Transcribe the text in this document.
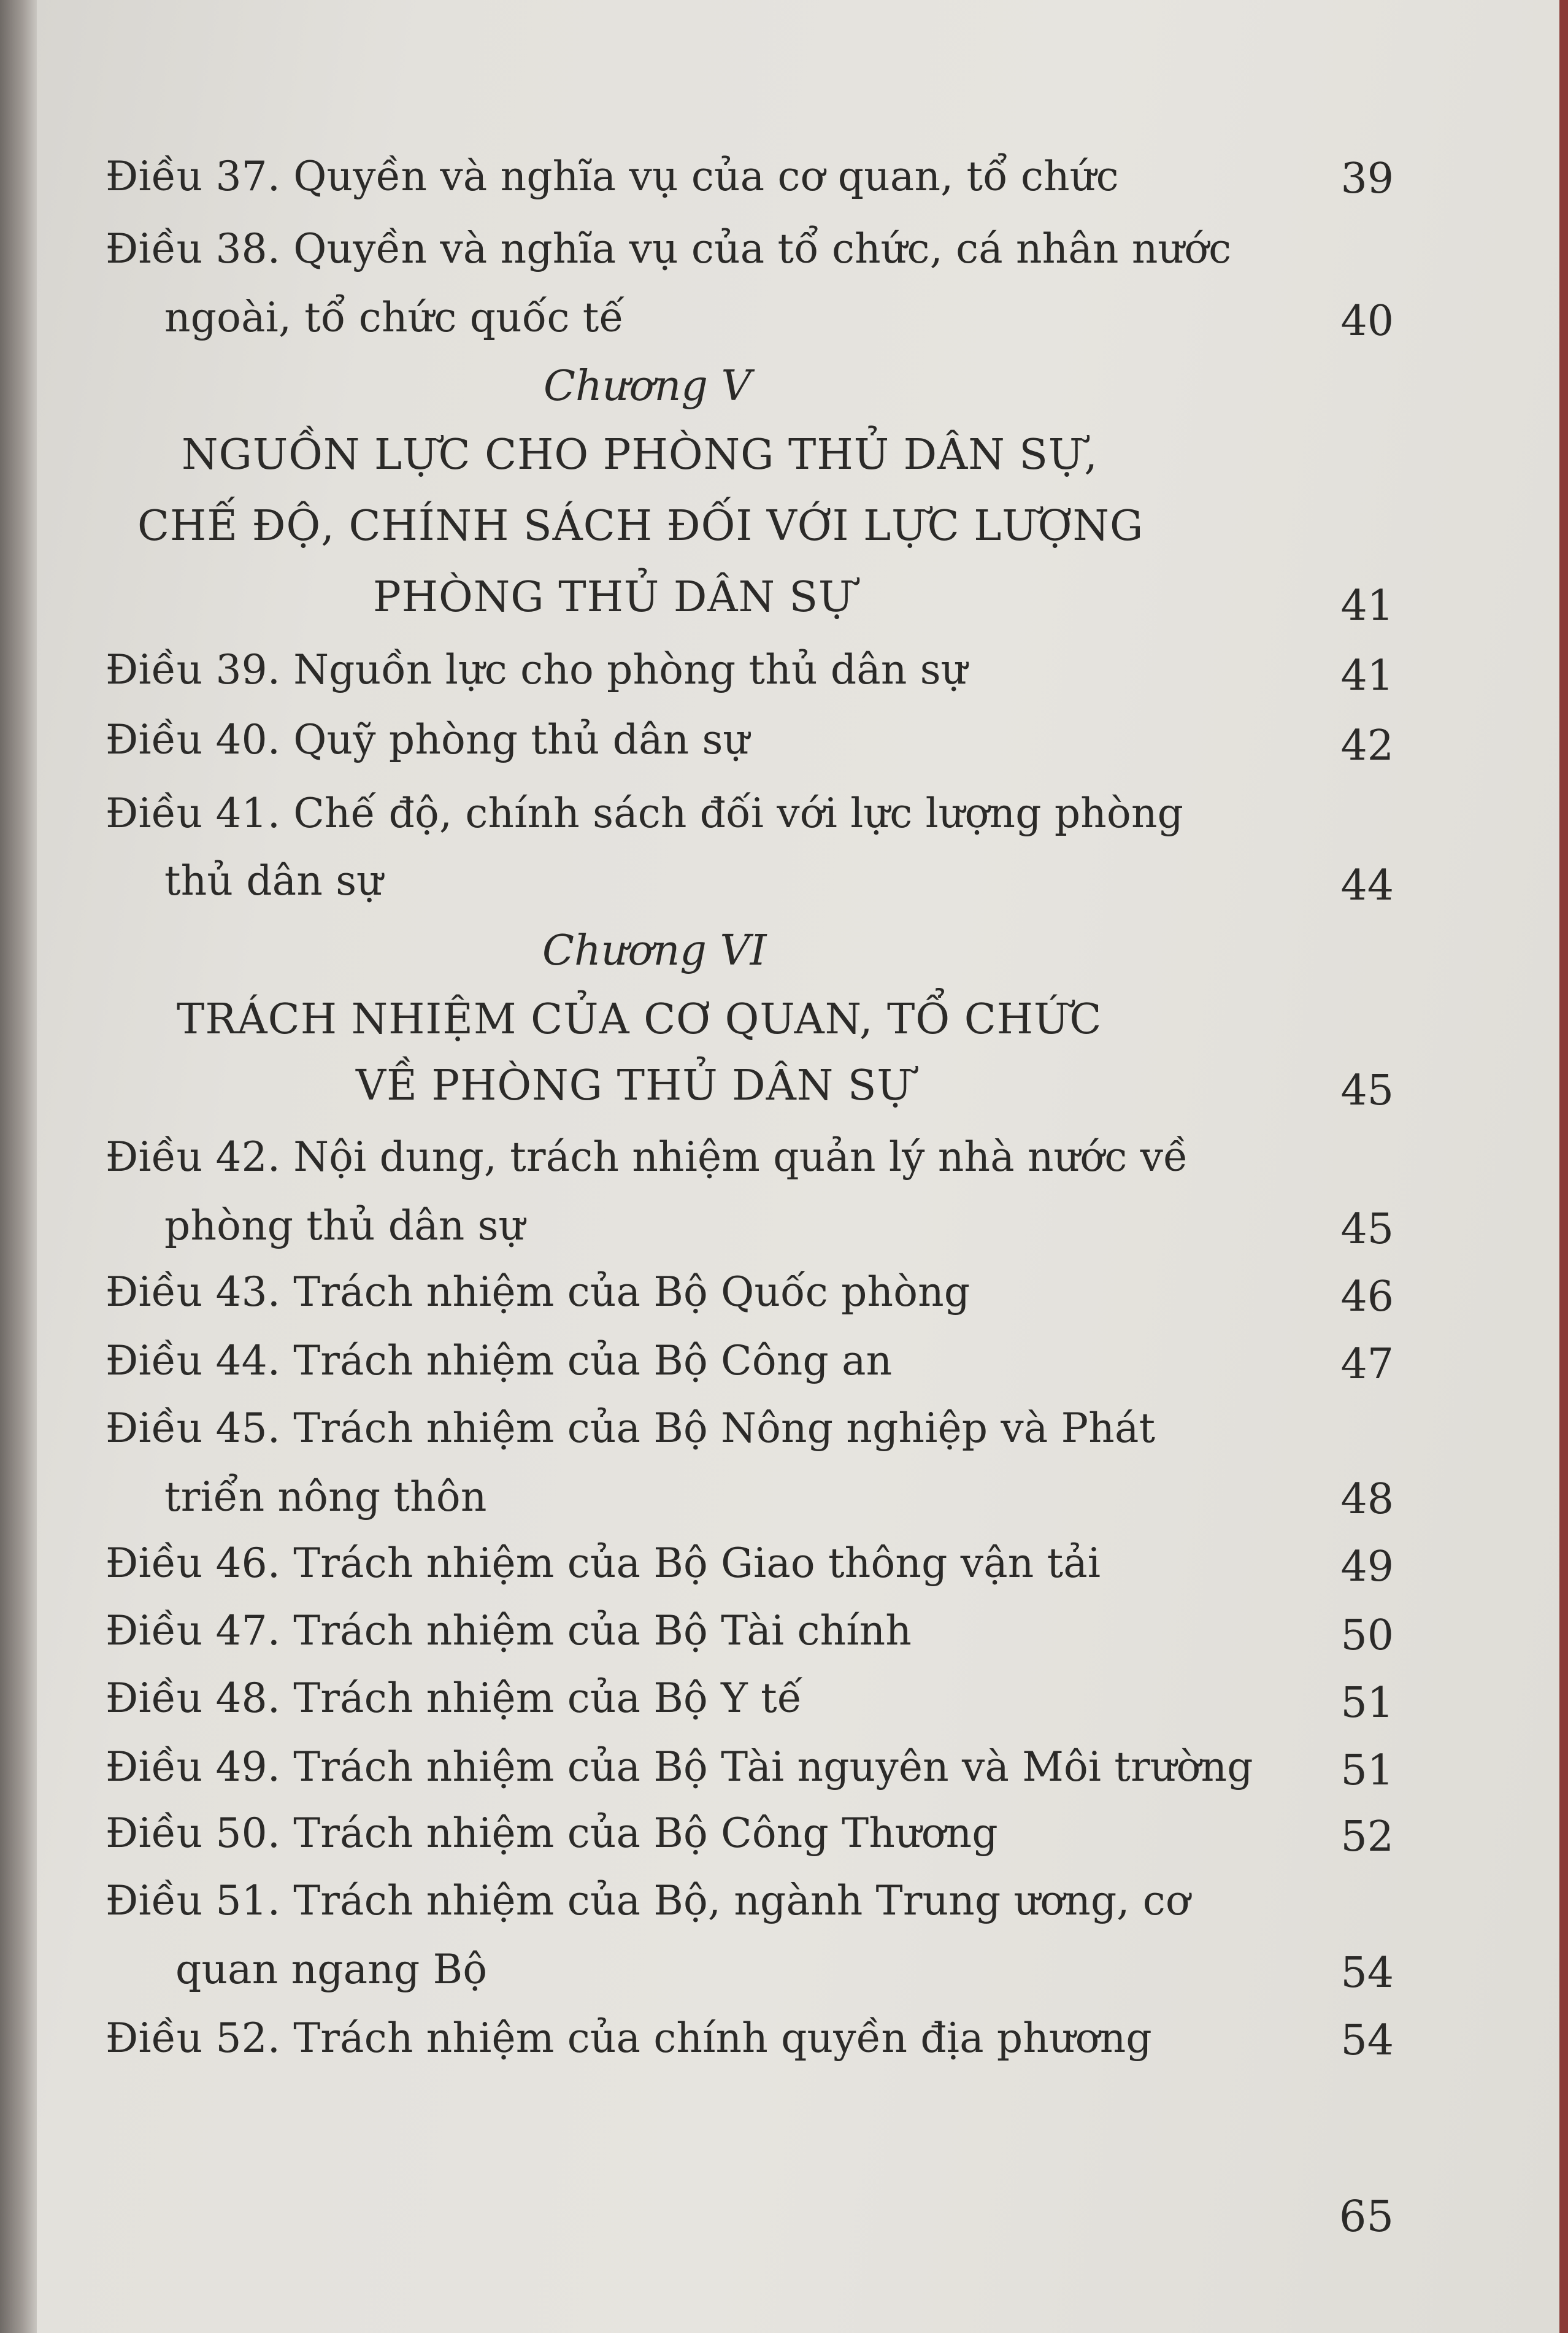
Điều 37. Quyền và nghĩa vụ của cơ quan, tổ chức	39
Điều 38. Quyền và nghĩa vụ của tổ chức, cá nhân nước
ngoài, tổ chức quốc tế	40
Chương V
NGUỒN LỰC CHO PHÒNG THỦ DÂN SỰ,
CHẾ ĐỘ, CHÍNH SÁCH ĐỐI VỚI LỰC LƯỢNG
PHÒNG THỦ DÂN SỰ	41
Điều 39. Nguồn lực cho phòng thủ dân sự	41
Điều 40. Quỹ phòng thủ dân sự	42
Điều 41. Chế độ, chính sách đối với lực lượng phòng
thủ dân sự	44
Chương VI
TRÁCH NHIỆM CỦA CƠ QUAN, TỔ CHỨC
VỀ PHÒNG THỦ DÂN SỰ	45
Điều 42. Nội dung, trách nhiệm quản lý nhà nước về
phòng thủ dân sự	45
Điều 43. Trách nhiệm của Bộ Quốc phòng	46
Điều 44. Trách nhiệm của Bộ Công an	47
Điều 45. Trách nhiệm của Bộ Nông nghiệp và Phát
triển nông thôn	48
Điều 46. Trách nhiệm của Bộ Giao thông vận tải	49
Điều 47. Trách nhiệm của Bộ Tài chính	50
Điều 48. Trách nhiệm của Bộ Y tế	51
Điều 49. Trách nhiệm của Bộ Tài nguyên và Môi trường	51
Điều 50. Trách nhiệm của Bộ Công Thương	52
Điều 51. Trách nhiệm của Bộ, ngành Trung ương, cơ
quan ngang Bộ	54
Điều 52. Trách nhiệm của chính quyền địa phương	54
65
